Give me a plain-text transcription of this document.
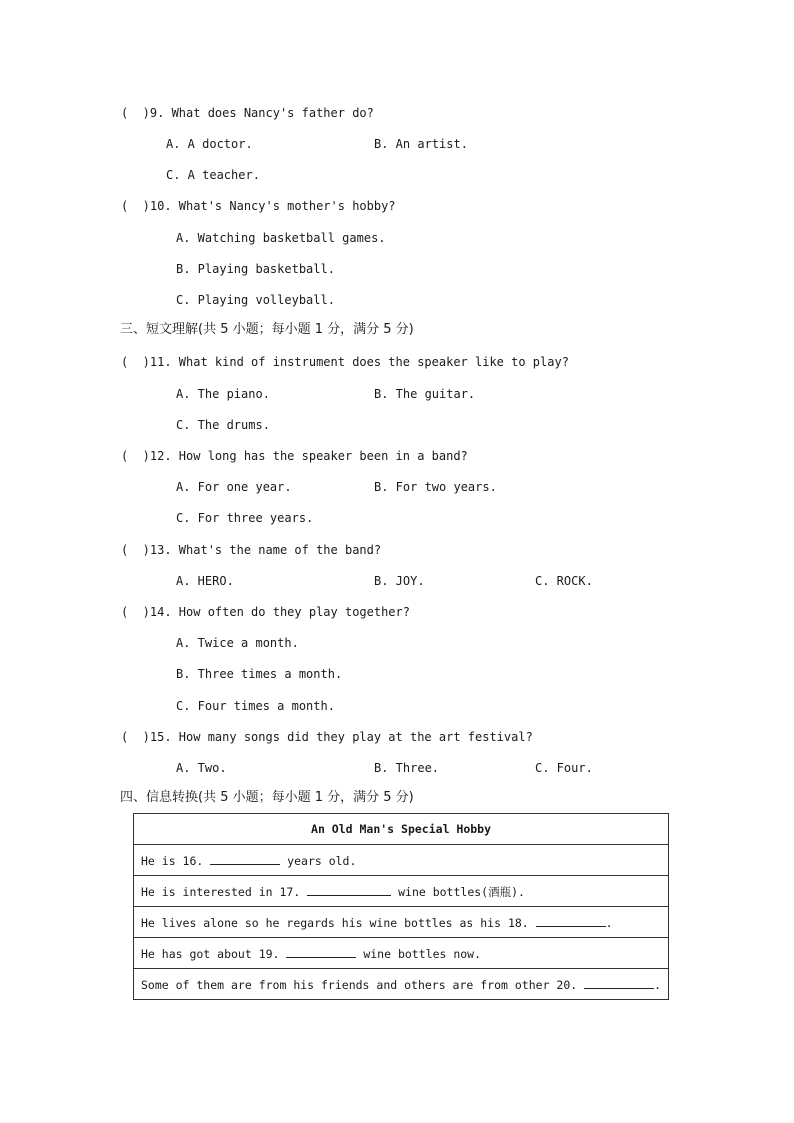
(  )9. What does Nancy's father do?
A. A doctor.	B. An artist.
C. A teacher.
(  )10. What's Nancy's mother's hobby?
A. Watching basketball games.
B. Playing basketball.
C. Playing volleyball.
三、短文理解(共 5 小题；每小题 1 分，满分 5 分)
(  )11. What kind of instrument does the speaker like to play?
A. The piano.	B. The guitar.
C. The drums.
(  )12. How long has the speaker been in a band?
A. For one year.	B. For two years.
C. For three years.
(  )13. What's the name of the band?
A. HERO.	B. JOY.	C. ROCK.
(  )14. How often do they play together?
A. Twice a month.
B. Three times a month.
C. Four times a month.
(  )15. How many songs did they play at the art festival?
A. Two.	B. Three.	C. Four.
四、信息转换(共 5 小题；每小题 1 分，满分 5 分)
An Old Man's Special Hobby
He is 16.	years old.
He is interested in 17.	wine bottles(酒瓶).
He lives alone so he regards his wine bottles as his 18.	.
He has got about 19.	wine bottles now.
Some of them are from his friends and others are from other 20.	.
